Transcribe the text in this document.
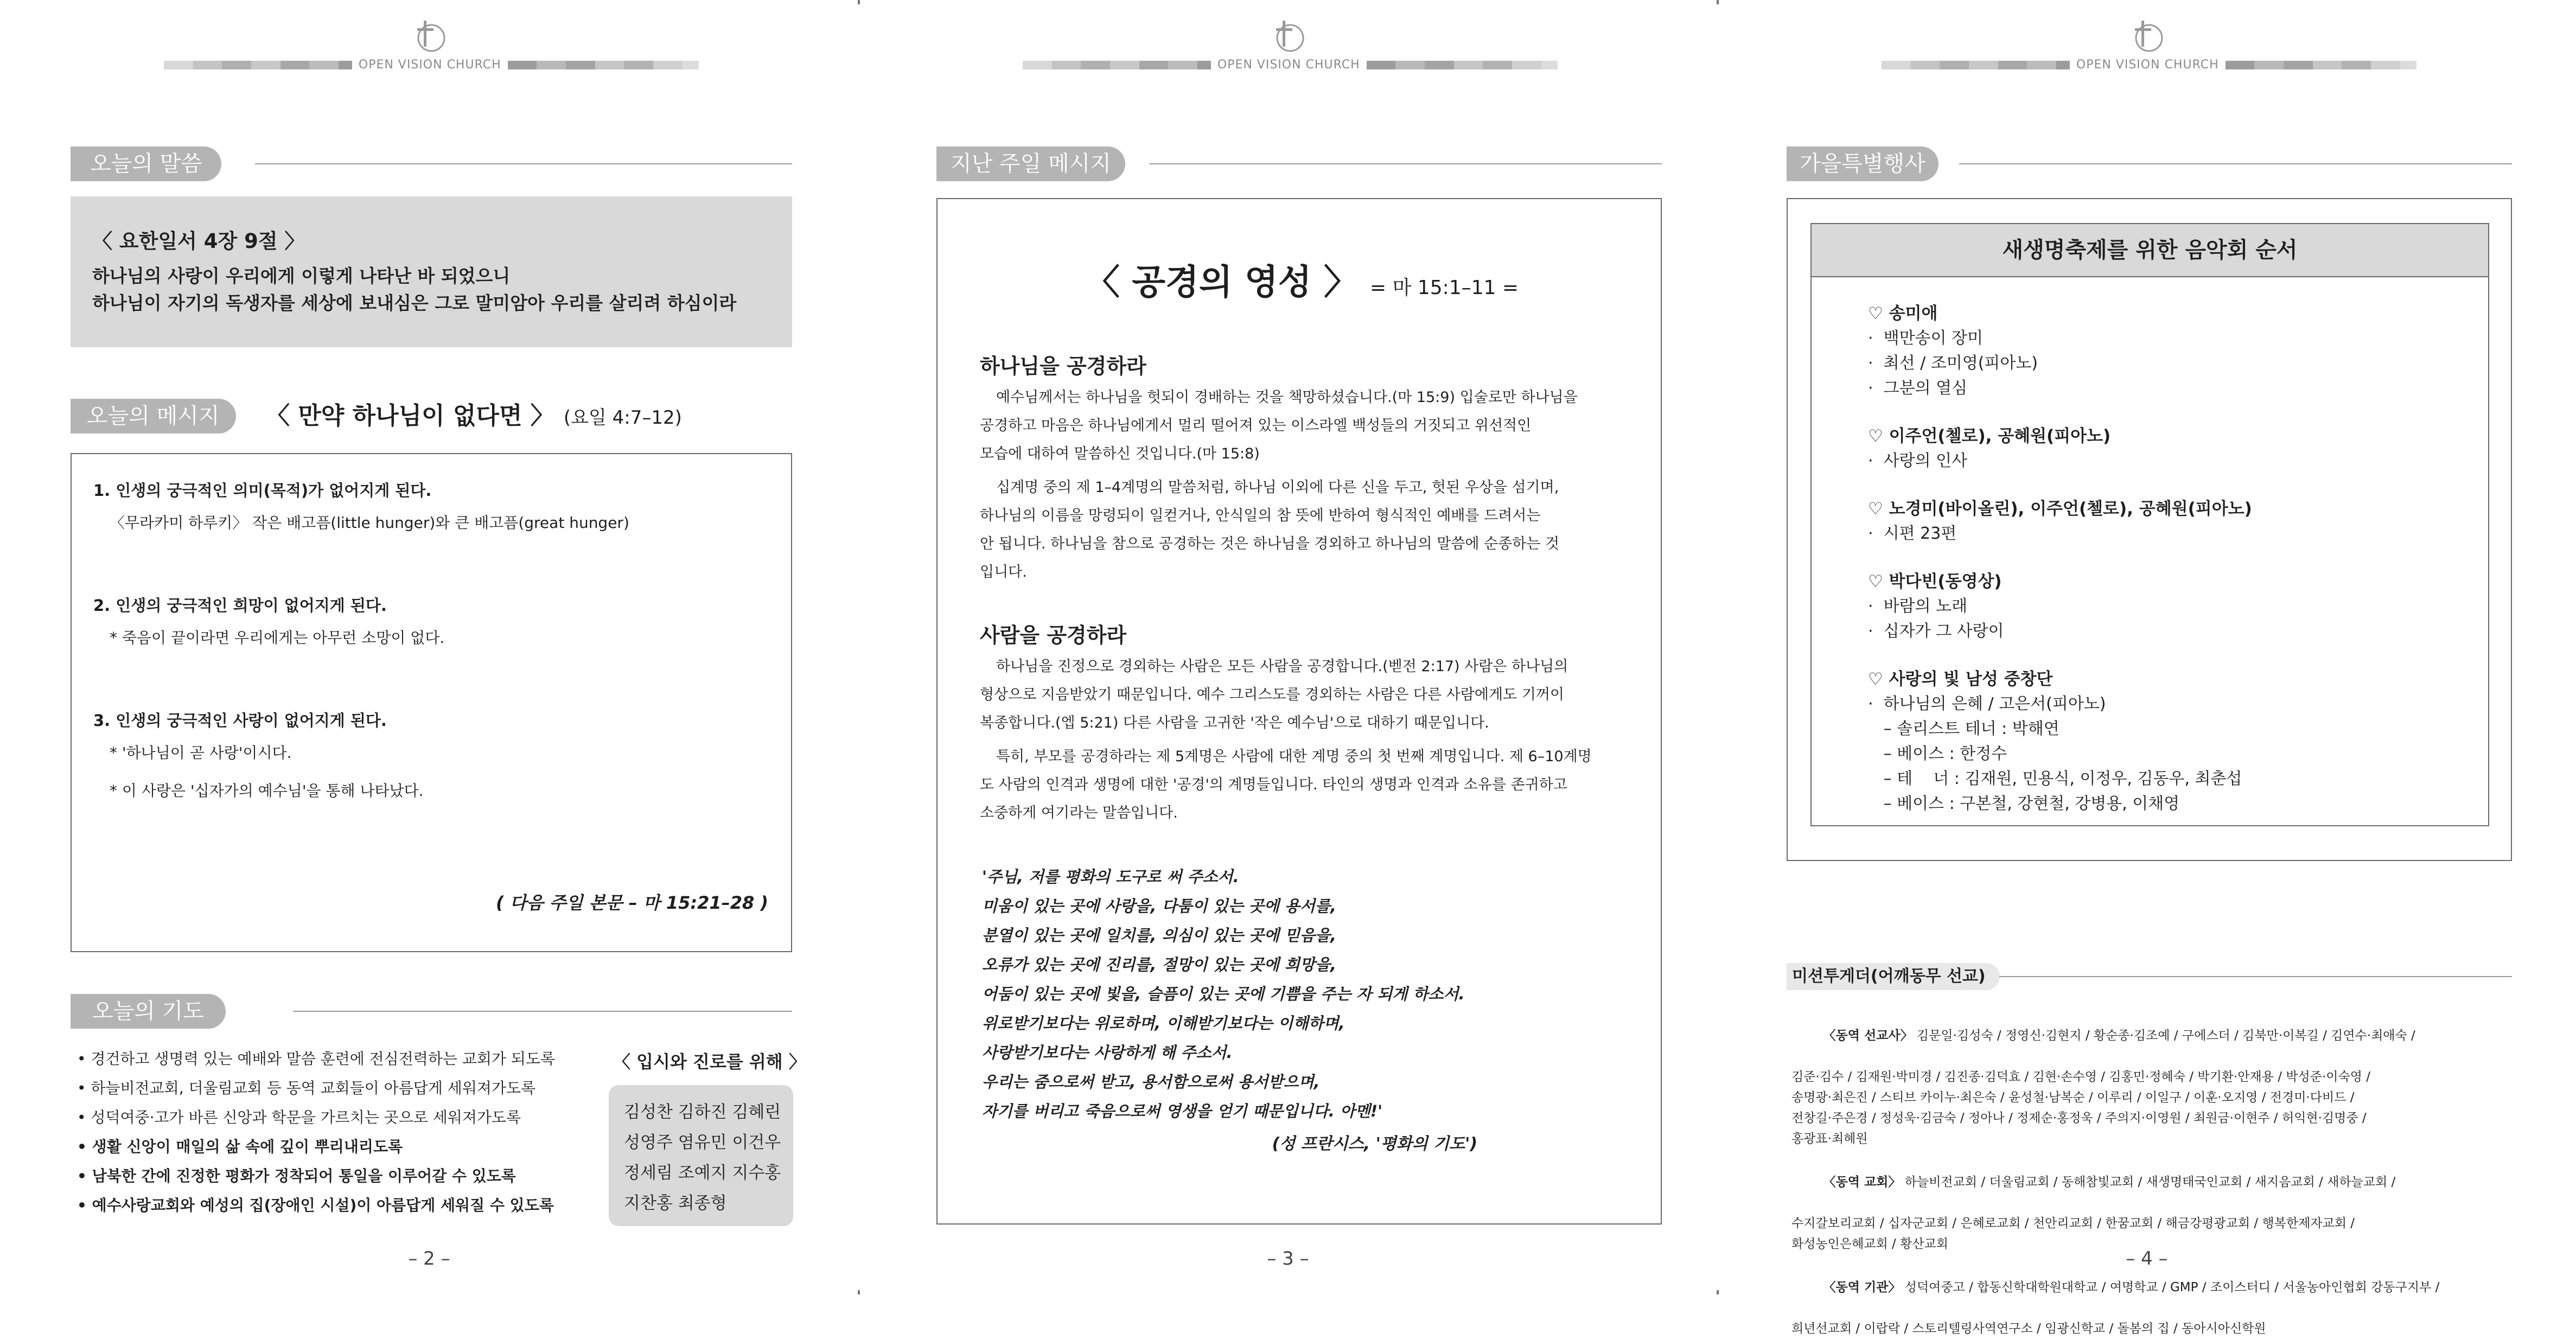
OPEN VISION CHURCH
오늘의 말씀
〈 요한일서 4장 9절 〉
하나님의 사랑이 우리에게 이렇게 나타난 바 되었으니
하나님이 자기의 독생자를 세상에 보내심은 그로 말미암아 우리를 살리려 하심이라
오늘의 메시지	〈 만약 하나님이 없다면 〉 (요일 4:7–12)
1. 인생의 궁극적인 의미(목적)가 없어지게 된다.
〈무라카미 하루키〉 작은 배고픔(little hunger)와 큰 배고픔(great hunger)
2. 인생의 궁극적인 희망이 없어지게 된다.
* 죽음이 끝이라면 우리에게는 아무런 소망이 없다.
3. 인생의 궁극적인 사랑이 없어지게 된다.
* '하나님이 곧 사랑'이시다.
* 이 사랑은 '십자가의 예수님'을 통해 나타났다.
( 다음 주일 본문 – 마 15:21–28 )
오늘의 기도
• 경건하고 생명력 있는 예배와 말씀 훈련에 전심전력하는 교회가 되도록
• 하늘비전교회, 더울림교회 등 동역 교회들이 아름답게 세워져가도록
• 성덕여중·고가 바른 신앙과 학문을 가르치는 곳으로 세워져가도록
• 생활 신앙이 매일의 삶 속에 깊이 뿌리내리도록
• 남북한 간에 진정한 평화가 정착되어 통일을 이루어갈 수 있도록
• 예수사랑교회와 예성의 집(장애인 시설)이 아름답게 세워질 수 있도록
〈 입시와 진로를 위해 〉
김성찬 김하진 김혜린
성영주 염유민 이건우
정세림 조예지 지수홍
지찬홍 최종형
– 2 –
OPEN VISION CHURCH
지난 주일 메시지
〈 공경의 영성 〉 = 마 15:1–11 =
하나님을 공경하라
예수님께서는 하나님을 헛되이 경배하는 것을 책망하셨습니다.(마 15:9) 입술로만 하나님을
공경하고 마음은 하나님에게서 멀리 떨어져 있는 이스라엘 백성들의 거짓되고 위선적인
모습에 대하여 말씀하신 것입니다.(마 15:8)
십계명 중의 제 1–4계명의 말씀처럼, 하나님 이외에 다른 신을 두고, 헛된 우상을 섬기며,
하나님의 이름을 망령되이 일컫거나, 안식일의 참 뜻에 반하여 형식적인 예배를 드려서는
안 됩니다. 하나님을 참으로 공경하는 것은 하나님을 경외하고 하나님의 말씀에 순종하는 것
입니다.
사람을 공경하라
하나님을 진정으로 경외하는 사람은 모든 사람을 공경합니다.(벧전 2:17) 사람은 하나님의
형상으로 지음받았기 때문입니다. 예수 그리스도를 경외하는 사람은 다른 사람에게도 기꺼이
복종합니다.(엡 5:21) 다른 사람을 고귀한 '작은 예수님'으로 대하기 때문입니다.
특히, 부모를 공경하라는 제 5계명은 사람에 대한 계명 중의 첫 번째 계명입니다. 제 6–10계명
도 사람의 인격과 생명에 대한 '공경'의 계명들입니다. 타인의 생명과 인격과 소유를 존귀하고
소중하게 여기라는 말씀입니다.
'주님, 저를 평화의 도구로 써 주소서.
미움이 있는 곳에 사랑을, 다툼이 있는 곳에 용서를,
분열이 있는 곳에 일치를, 의심이 있는 곳에 믿음을,
오류가 있는 곳에 진리를, 절망이 있는 곳에 희망을,
어둠이 있는 곳에 빛을, 슬픔이 있는 곳에 기쁨을 주는 자 되게 하소서.
위로받기보다는 위로하며, 이해받기보다는 이해하며,
사랑받기보다는 사랑하게 해 주소서.
우리는 줌으로써 받고, 용서함으로써 용서받으며,
자기를 버리고 죽음으로써 영생을 얻기 때문입니다. 아멘!'
(성 프란시스, '평화의 기도')
– 3 –
OPEN VISION CHURCH
가을특별행사
새생명축제를 위한 음악회 순서
♡ 송미애
·  백만송이 장미
·  최선 / 조미영(피아노)
·  그분의 열심
♡ 이주언(첼로), 공혜원(피아노)
·  사랑의 인사
♡ 노경미(바이올린), 이주언(첼로), 공혜원(피아노)
·  시편 23편
♡ 박다빈(동영상)
·  바람의 노래
·  십자가 그 사랑이
♡ 사랑의 빛 남성 중창단
·  하나님의 은혜 / 고은서(피아노)
– 솔리스트 테너 : 박해연
– 베이스 : 한정수
– 테    너 : 김재원, 민용식, 이정우, 김동우, 최춘섭
– 베이스 : 구본철, 강현철, 강병용, 이채영
미션투게더(어깨동무 선교)

〈동역 선교사〉 김문일·김성숙 / 정영신·김현지 / 황순종·김조예 / 구에스더 / 김북만·이복길 / 김연수·최애숙 /

김준·김수 / 김재원·박미경 / 김진종·김덕효 / 김현·손수영 / 김홍민·정혜숙 / 박기환·안재용 / 박성준·이숙영 /
송명광·최은진 / 스티브 카이누·최은숙 / 윤성철·남복순 / 이루리 / 이일구 / 이훈·오지영 / 전경미·다비드 /
전창길·주은경 / 정성욱·김금숙 / 정아나 / 정제순·홍정욱 / 주의지·이영원 / 최원금·이현주 / 허익현·김명중 /
홍광표·최혜원

〈동역 교회〉 하늘비전교회 / 더울림교회 / 동해참빛교회 / 새생명태국인교회 / 새지음교회 / 새하늘교회 /

수지갈보리교회 / 십자군교회 / 은혜로교회 / 천안리교회 / 한꿈교회 / 해금강평광교회 / 행복한제자교회 /
화성농인은혜교회 / 황산교회

〈동역 기관〉 성덕여중고 / 합동신학대학원대학교 / 여명학교 / GMP / 조이스터디 / 서울농아인협회 강동구지부 /

희년선교회 / 이랍락 / 스토리텔링사역연구소 / 임광신학교 / 돌봄의 집 / 동아시아신학원
– 4 –
